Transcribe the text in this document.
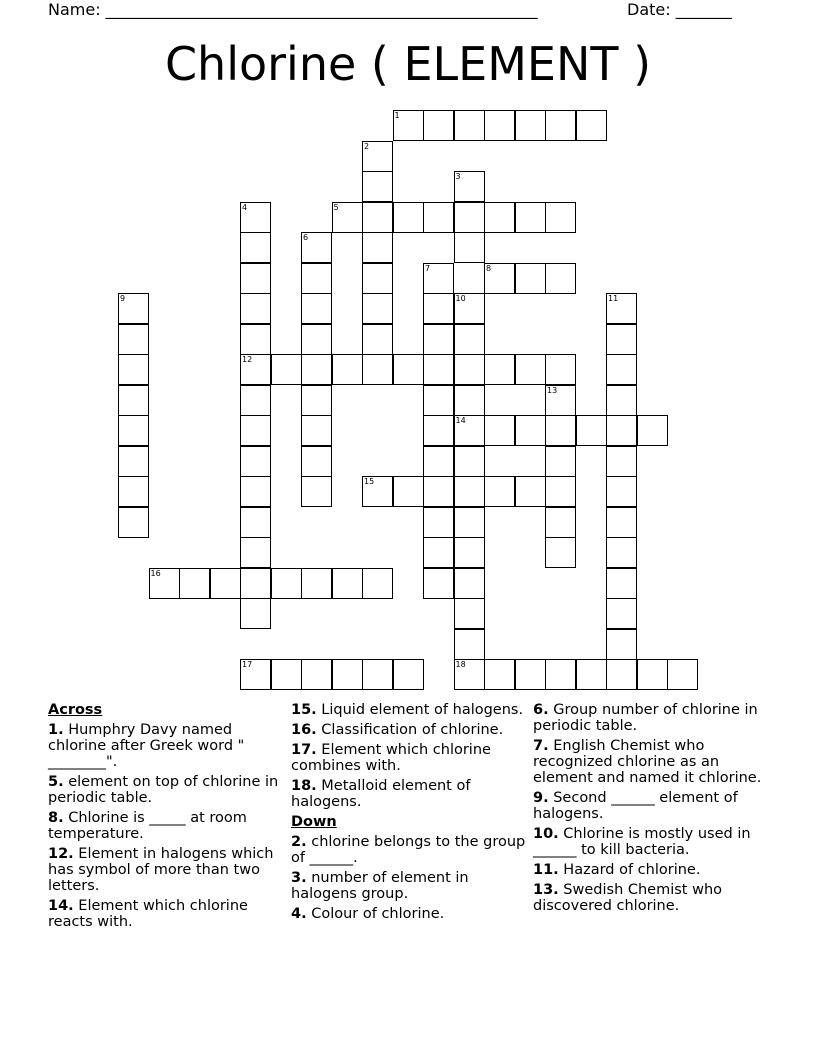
Name: ______________________________________________________	Date: _______
Chlorine ( ELEMENT )
1
2
3
4
12
5
6
7	8
9	10
14
18
11
13
15
16
17
Across
1. Humphry Davy named chlorine after Greek word " ________".
5. element on top of chlorine in periodic table.
8. Chlorine is _____ at room temperature.
12. Element in halogens which has symbol of more than two letters.
14. Element which chlorine reacts with.
15. Liquid element of halogens.
16. Classification of chlorine.
17. Element which chlorine combines with.
18. Metalloid element of halogens.
Down
2. chlorine belongs to the group of ______.
3. number of element in halogens group.
4. Colour of chlorine.
6. Group number of chlorine in periodic table.
7. English Chemist who recognized chlorine as an element and named it chlorine.
9. Second ______ element of halogens.
10. Chlorine is mostly used in ______ to kill bacteria.
11. Hazard of chlorine.
13. Swedish Chemist who discovered chlorine.
